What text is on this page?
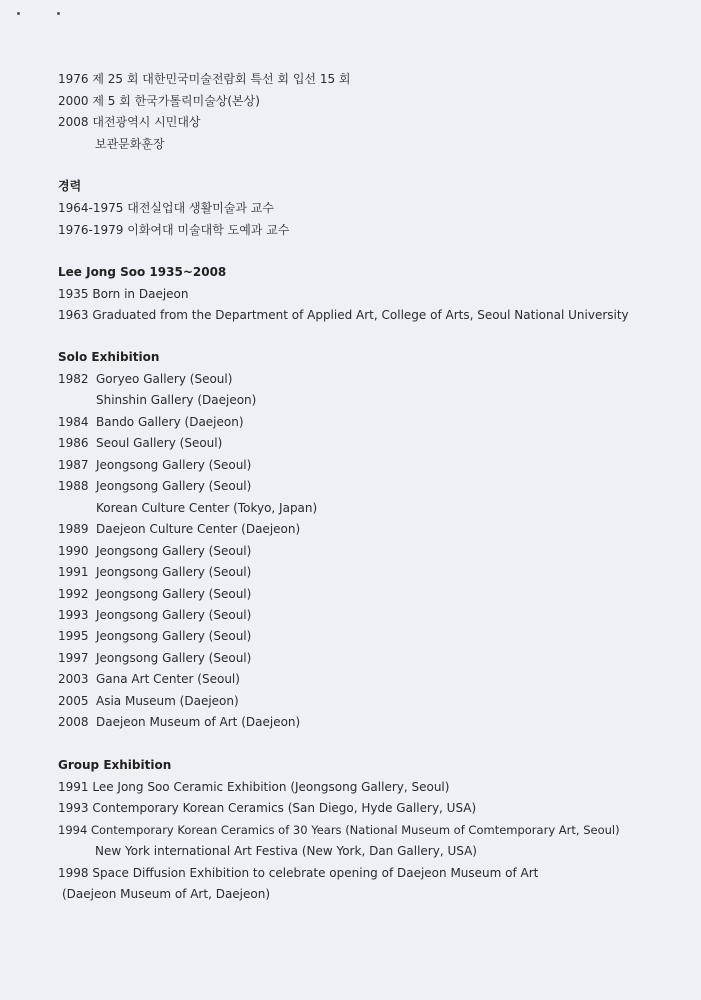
1976 제 25 회 대한민국미술전람회 특선 회 입선 15 회
2000 제 5 회 한국가톨릭미술상(본상)
2008 대전광역시 시민대상
보관문화훈장
경력
1964-1975 대전실업대 생활미술과 교수
1976-1979 이화여대 미술대학 도예과 교수
Lee Jong Soo 1935~2008
1935 Born in Daejeon
1963 Graduated from the Department of Applied Art, College of Arts, Seoul National University
Solo Exhibition
1982 Goryeo Gallery (Seoul)
Shinshin Gallery (Daejeon)
1984 Bando Gallery (Daejeon)
1986 Seoul Gallery (Seoul)
1987 Jeongsong Gallery (Seoul)
1988 Jeongsong Gallery (Seoul)
Korean Culture Center (Tokyo, Japan)
1989 Daejeon Culture Center (Daejeon)
1990 Jeongsong Gallery (Seoul)
1991 Jeongsong Gallery (Seoul)
1992 Jeongsong Gallery (Seoul)
1993 Jeongsong Gallery (Seoul)
1995 Jeongsong Gallery (Seoul)
1997 Jeongsong Gallery (Seoul)
2003 Gana Art Center (Seoul)
2005 Asia Museum (Daejeon)
2008 Daejeon Museum of Art (Daejeon)
Group Exhibition
1991 Lee Jong Soo Ceramic Exhibition (Jeongsong Gallery, Seoul)
1993 Contemporary Korean Ceramics (San Diego, Hyde Gallery, USA)
1994 Contemporary Korean Ceramics of 30 Years (National Museum of Comtemporary Art, Seoul)
New York international Art Festiva (New York, Dan Gallery, USA)
1998 Space Diffusion Exhibition to celebrate opening of Daejeon Museum of Art
(Daejeon Museum of Art, Daejeon)
